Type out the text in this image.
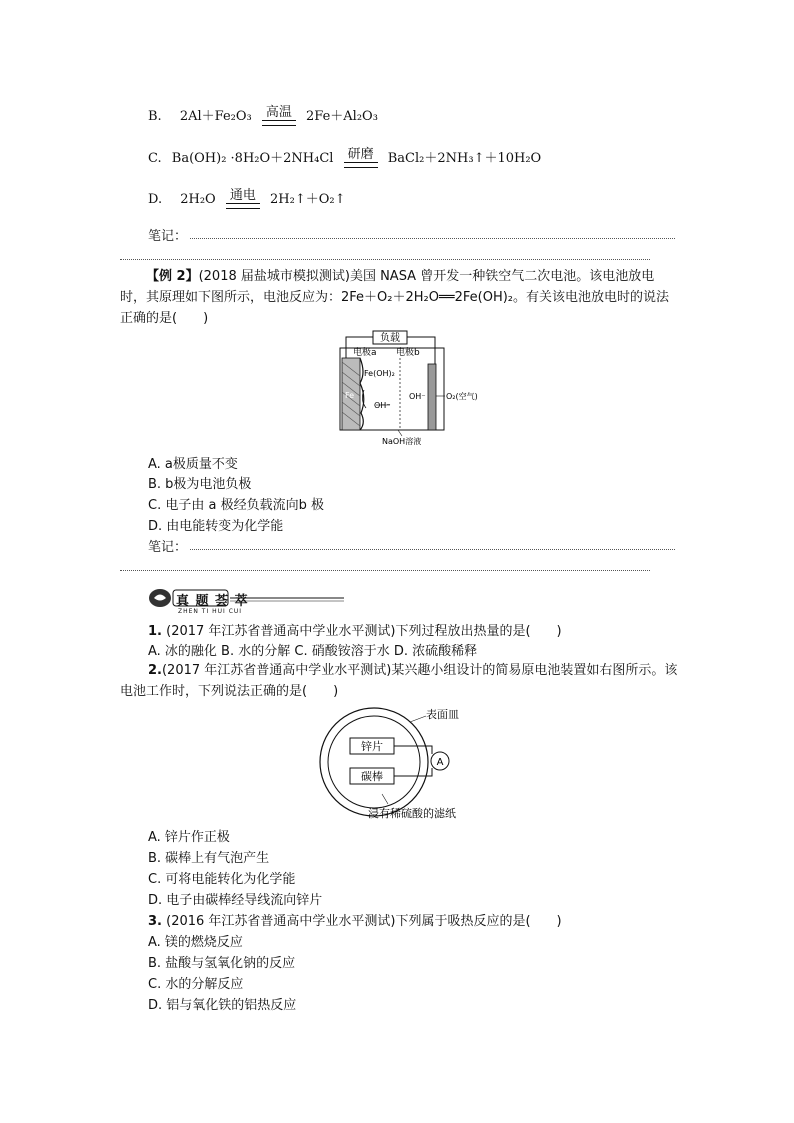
B. 2Al＋Fe₂O₃	高温	2Fe＋Al₂O₃
C. Ba(OH)₂ ·8H₂O＋2NH₄Cl	研磨	BaCl₂＋2NH₃↑＋10H₂O
D. 2H₂O	通电	2H₂↑＋O₂↑
笔记：
【例 2】(2018 届盐城市模拟测试)美国 NASA 曾开发一种铁空气二次电池。该电池放电时，其原理如下图所示，电池反应为：2Fe＋O₂＋2H₂O══2Fe(OH)₂。有关该电池放电时的说法正确的是(　　)
负载
电极a 电极b
Fe(OH)₂
Fe
OH⁻
OH⁻	O₂(空气)
NaOH溶液
A. a极质量不变
B. b极为电池负极
C. 电子由 a 极经负载流向b 极
D. 由电能转变为化学能
笔记：
真 题 荟 萃
ZHEN TI HUI CUI
1. (2017 年江苏省普通高中学业水平测试)下列过程放出热量的是(　　)
A. 冰的融化 B. 水的分解 C. 硝酸铵溶于水 D. 浓硫酸稀释
2.(2017 年江苏省普通高中学业水平测试)某兴趣小组设计的简易原电池装置如右图所示。该电池工作时，下列说法正确的是(　　)
表面皿
锌片
碳棒
A
浸有稀硫酸的滤纸
A. 锌片作正极
B. 碳棒上有气泡产生
C. 可将电能转化为化学能
D. 电子由碳棒经导线流向锌片
3. (2016 年江苏省普通高中学业水平测试)下列属于吸热反应的是(　　)
A. 镁的燃烧反应
B. 盐酸与氢氧化钠的反应
C. 水的分解反应
D. 铝与氧化铁的铝热反应
